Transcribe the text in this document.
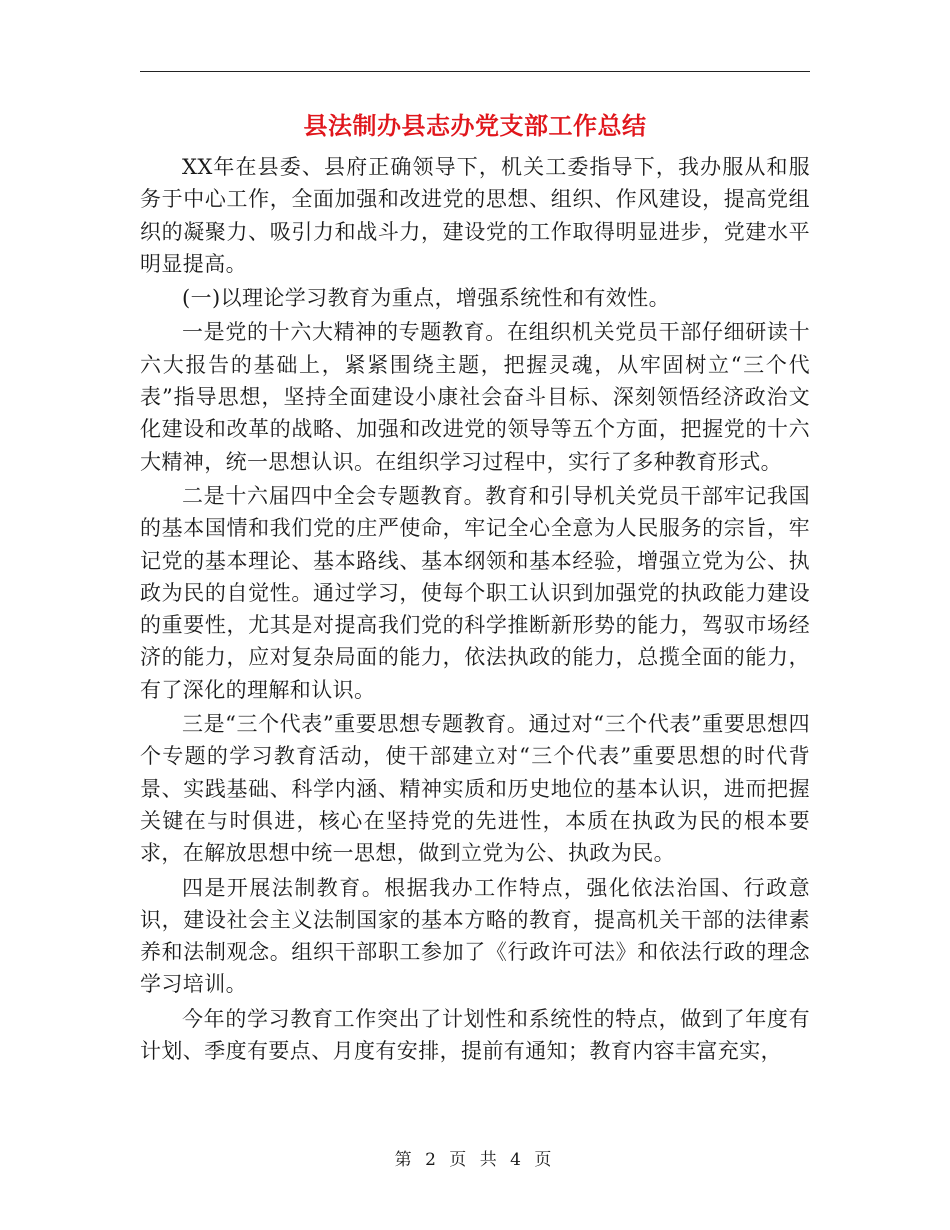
县法制办县志办党支部工作总结

XX年在县委、县府正确领导下，机关工委指导下，我办服从和服务于中心工作，全面加强和改进党的思想、组织、作风建设，提高党组织的凝聚力、吸引力和战斗力，建设党的工作取得明显进步，党建水平明显提高。

(一)以理论学习教育为重点，增强系统性和有效性。

一是党的十六大精神的专题教育。在组织机关党员干部仔细研读十六大报告的基础上，紧紧围绕主题，把握灵魂，从牢固树立“三个代表”指导思想，坚持全面建设小康社会奋斗目标、深刻领悟经济政治文化建设和改革的战略、加强和改进党的领导等五个方面，把握党的十六大精神，统一思想认识。在组织学习过程中，实行了多种教育形式。

二是十六届四中全会专题教育。教育和引导机关党员干部牢记我国的基本国情和我们党的庄严使命，牢记全心全意为人民服务的宗旨，牢记党的基本理论、基本路线、基本纲领和基本经验，增强立党为公、执政为民的自觉性。通过学习，使每个职工认识到加强党的执政能力建设的重要性，尤其是对提高我们党的科学推断新形势的能力，驾驭市场经济的能力，应对复杂局面的能力，依法执政的能力，总揽全面的能力，有了深化的理解和认识。

三是“三个代表”重要思想专题教育。通过对“三个代表”重要思想四个专题的学习教育活动，使干部建立对“三个代表”重要思想的时代背景、实践基础、科学内涵、精神实质和历史地位的基本认识，进而把握关键在与时俱进，核心在坚持党的先进性，本质在执政为民的根本要求，在解放思想中统一思想，做到立党为公、执政为民。

四是开展法制教育。根据我办工作特点，强化依法治国、行政意识，建设社会主义法制国家的基本方略的教育，提高机关干部的法律素养和法制观念。组织干部职工参加了《行政许可法》和依法行政的理念学习培训。

今年的学习教育工作突出了计划性和系统性的特点，做到了年度有计划、季度有要点、月度有安排，提前有通知；教育内容丰富充实，

第 2 页 共 4 页
